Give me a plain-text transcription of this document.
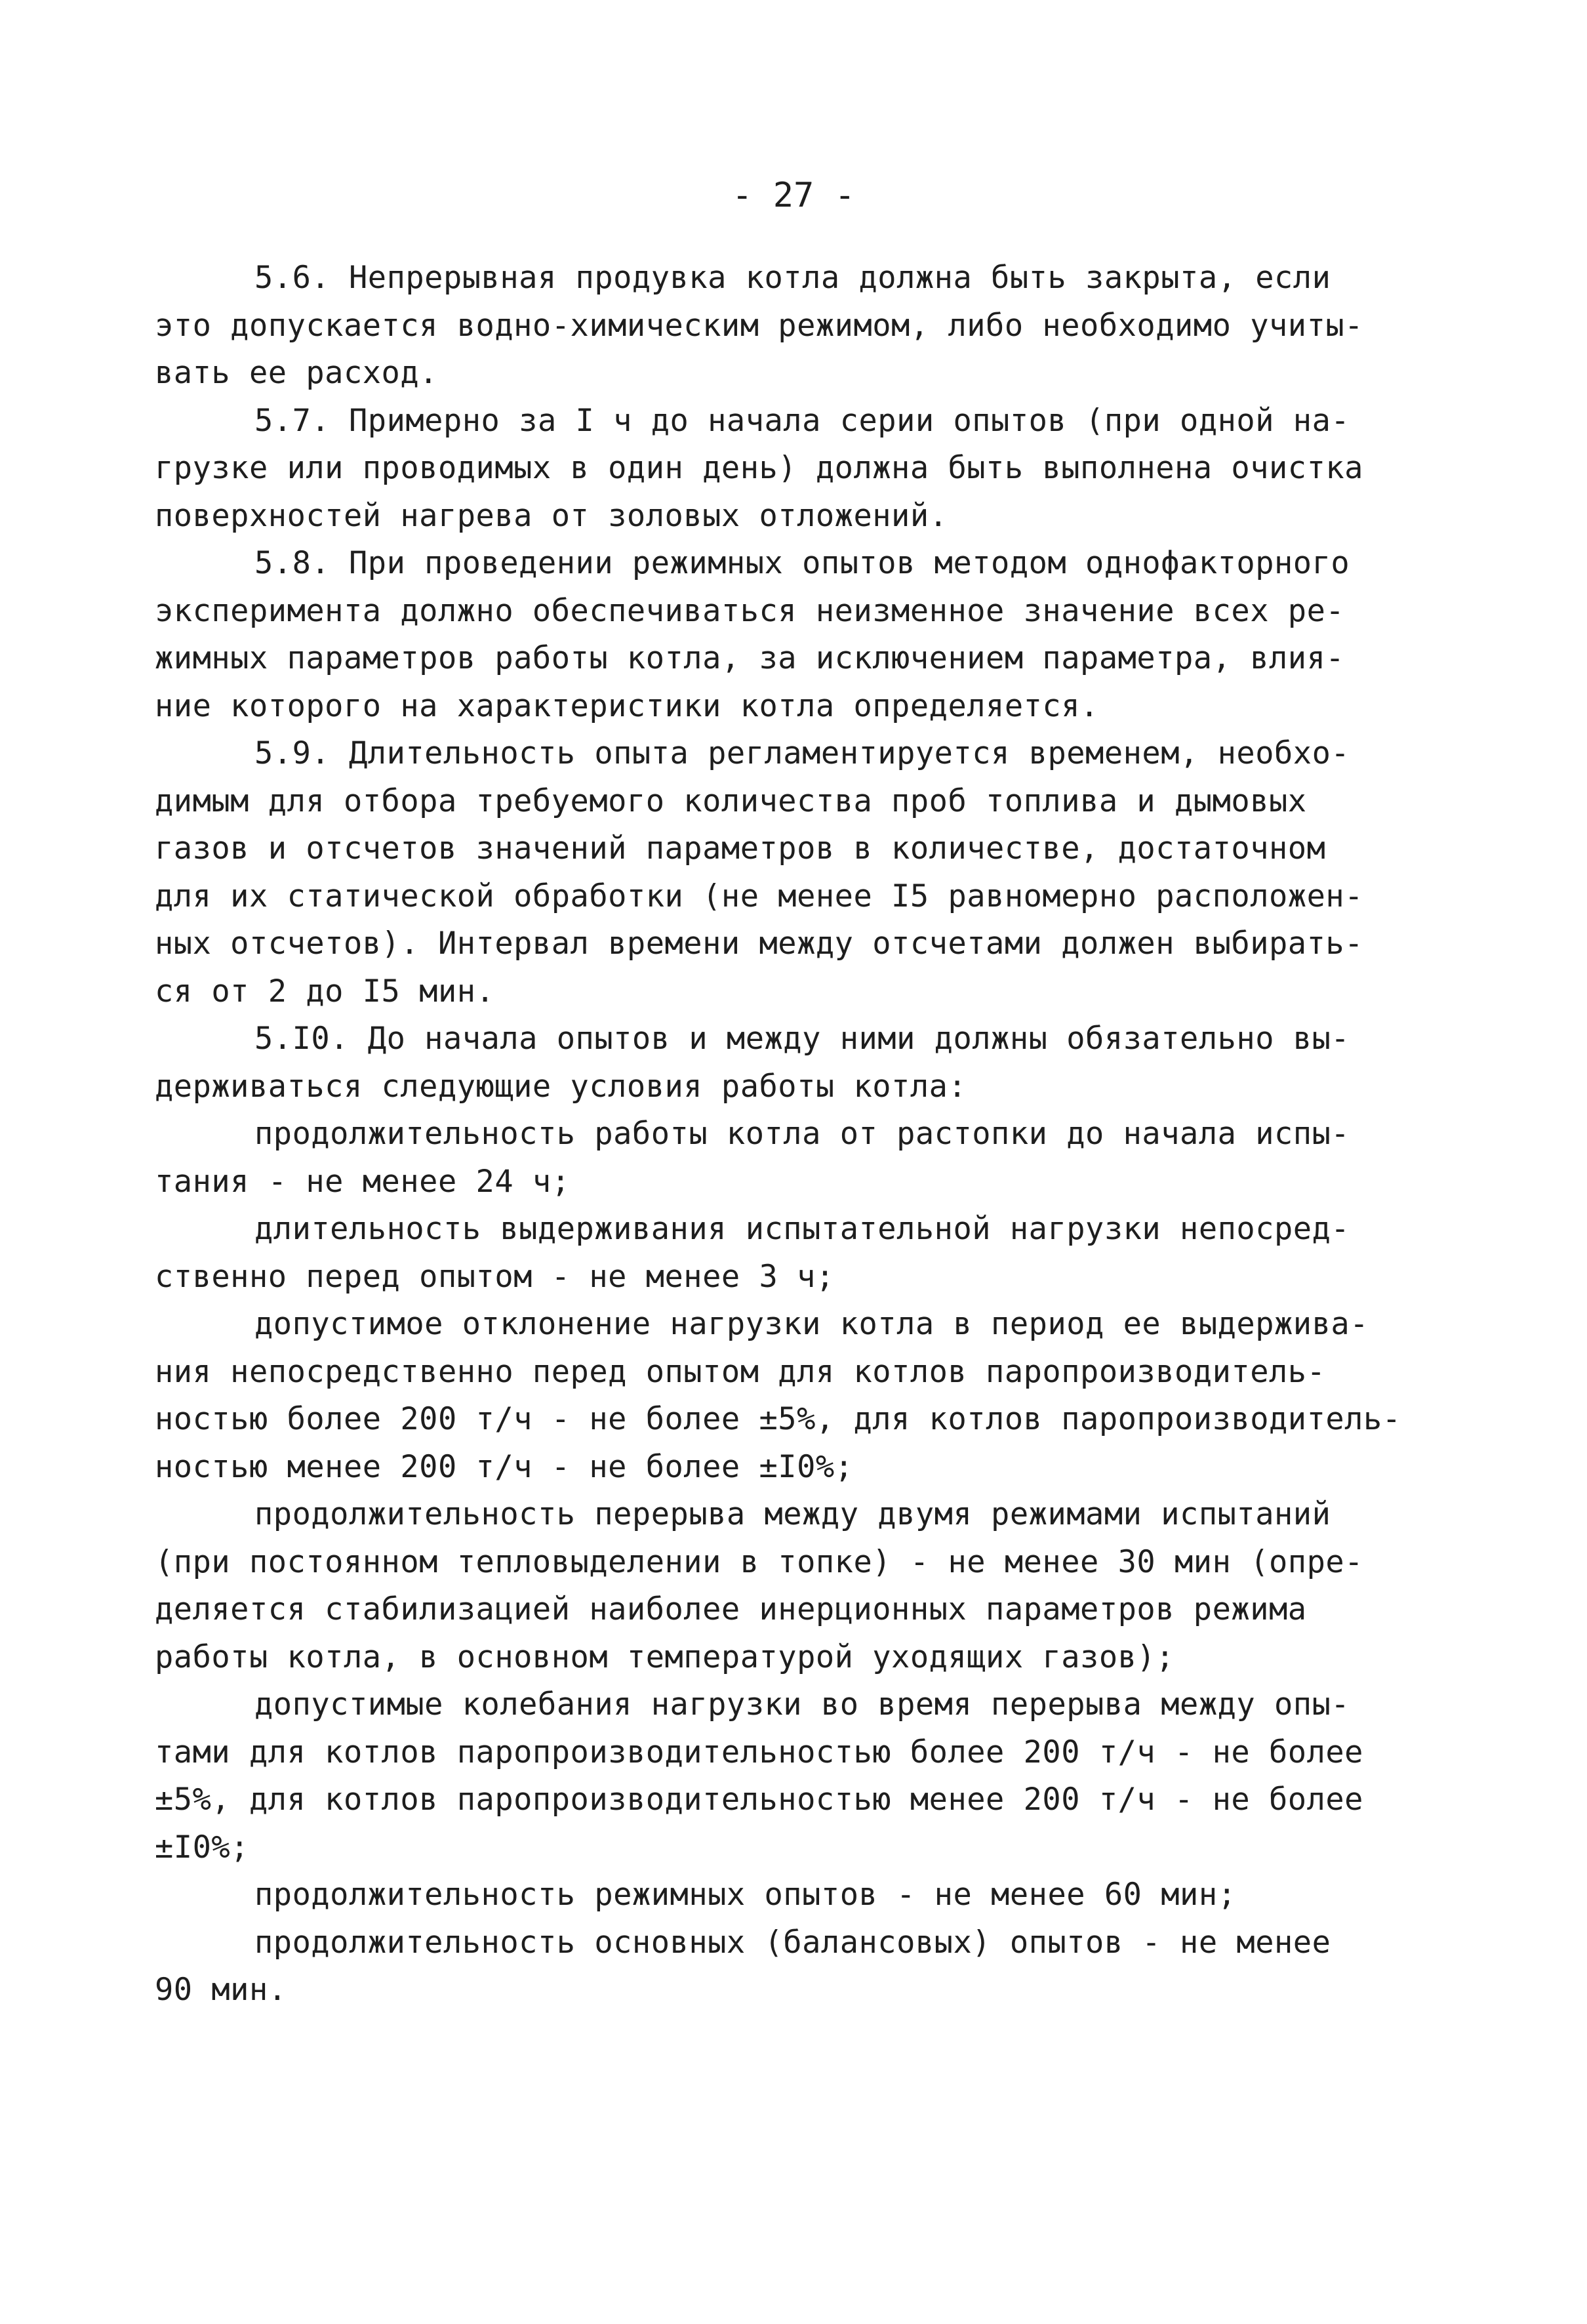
- 27 -
5.6. Непрерывная продувка котла должна быть закрыта, если
это допускается водно-химическим режимом, либо необходимо учиты-
вать ее расход.
5.7. Примерно за I ч до начала серии опытов (при одной на-
грузке или проводимых в один день) должна быть выполнена очистка
поверхностей нагрева от золовых отложений.
5.8. При проведении режимных опытов методом однофакторного
эксперимента должно обеспечиваться неизменное значение всех ре-
жимных параметров работы котла, за исключением параметра, влия-
ние которого на характеристики котла определяется.
5.9. Длительность опыта регламентируется временем, необхо-
димым для отбора требуемого количества проб топлива и дымовых
газов и отсчетов значений параметров в количестве, достаточном
для их статической обработки (не менее I5 равномерно расположен-
ных отсчетов). Интервал времени между отсчетами должен выбирать-
ся от 2 до I5 мин.
5.I0. До начала опытов и между ними должны обязательно вы-
держиваться следующие условия работы котла:
продолжительность работы котла от растопки до начала испы-
тания - не менее 24 ч;
длительность выдерживания испытательной нагрузки непосред-
ственно перед опытом - не менее 3 ч;
допустимое отклонение нагрузки котла в период ее выдержива-
ния непосредственно перед опытом для котлов паропроизводитель-
ностью более 200 т/ч - не более ±5%, для котлов паропроизводитель-
ностью менее 200 т/ч - не более ±I0%;
продолжительность перерыва между двумя режимами испытаний
(при постоянном тепловыделении в топке) - не менее 30 мин (опре-
деляется стабилизацией наиболее инерционных параметров режима
работы котла, в основном температурой уходящих газов);
допустимые колебания нагрузки во время перерыва между опы-
тами для котлов паропроизводительностью более 200 т/ч - не более
±5%, для котлов паропроизводительностью менее 200 т/ч - не более
±I0%;
продолжительность режимных опытов - не менее 60 мин;
продолжительность основных (балансовых) опытов - не менее
90 мин.
